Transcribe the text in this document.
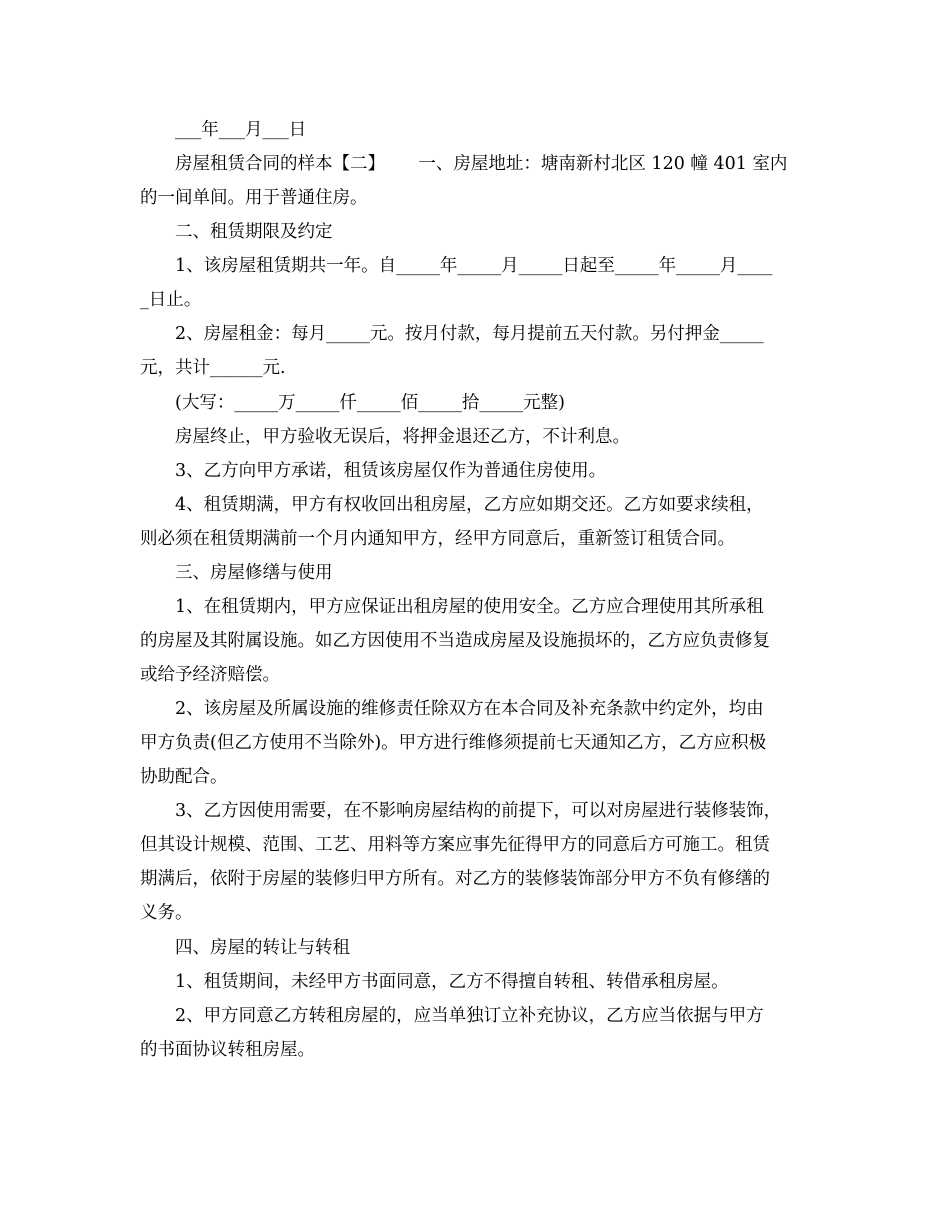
___年___月___日

房屋租赁合同的样本【二】      一、房屋地址：塘南新村北区 120 幢 401 室内

的一间单间。用于普通住房。

二、租赁期限及约定

1、该房屋租赁期共一年。自_____年_____月_____日起至_____年_____月____

_日止。

2、房屋租金：每月_____元。按月付款，每月提前五天付款。另付押金_____

元，共计______元.

(大写：_____万_____仟_____佰_____拾_____元整)

房屋终止，甲方验收无误后，将押金退还乙方，不计利息。

3、乙方向甲方承诺，租赁该房屋仅作为普通住房使用。

4、租赁期满，甲方有权收回出租房屋，乙方应如期交还。乙方如要求续租，

则必须在租赁期满前一个月内通知甲方，经甲方同意后，重新签订租赁合同。

三、房屋修缮与使用

1、在租赁期内，甲方应保证出租房屋的使用安全。乙方应合理使用其所承租

的房屋及其附属设施。如乙方因使用不当造成房屋及设施损坏的，乙方应负责修复

或给予经济赔偿。

2、该房屋及所属设施的维修责任除双方在本合同及补充条款中约定外，均由

甲方负责(但乙方使用不当除外)。甲方进行维修须提前七天通知乙方，乙方应积极

协助配合。

3、乙方因使用需要，在不影响房屋结构的前提下，可以对房屋进行装修装饰，

但其设计规模、范围、工艺、用料等方案应事先征得甲方的同意后方可施工。租赁

期满后，依附于房屋的装修归甲方所有。对乙方的装修装饰部分甲方不负有修缮的

义务。

四、房屋的转让与转租

1、租赁期间，未经甲方书面同意，乙方不得擅自转租、转借承租房屋。

2、甲方同意乙方转租房屋的，应当单独订立补充协议，乙方应当依据与甲方

的书面协议转租房屋。
